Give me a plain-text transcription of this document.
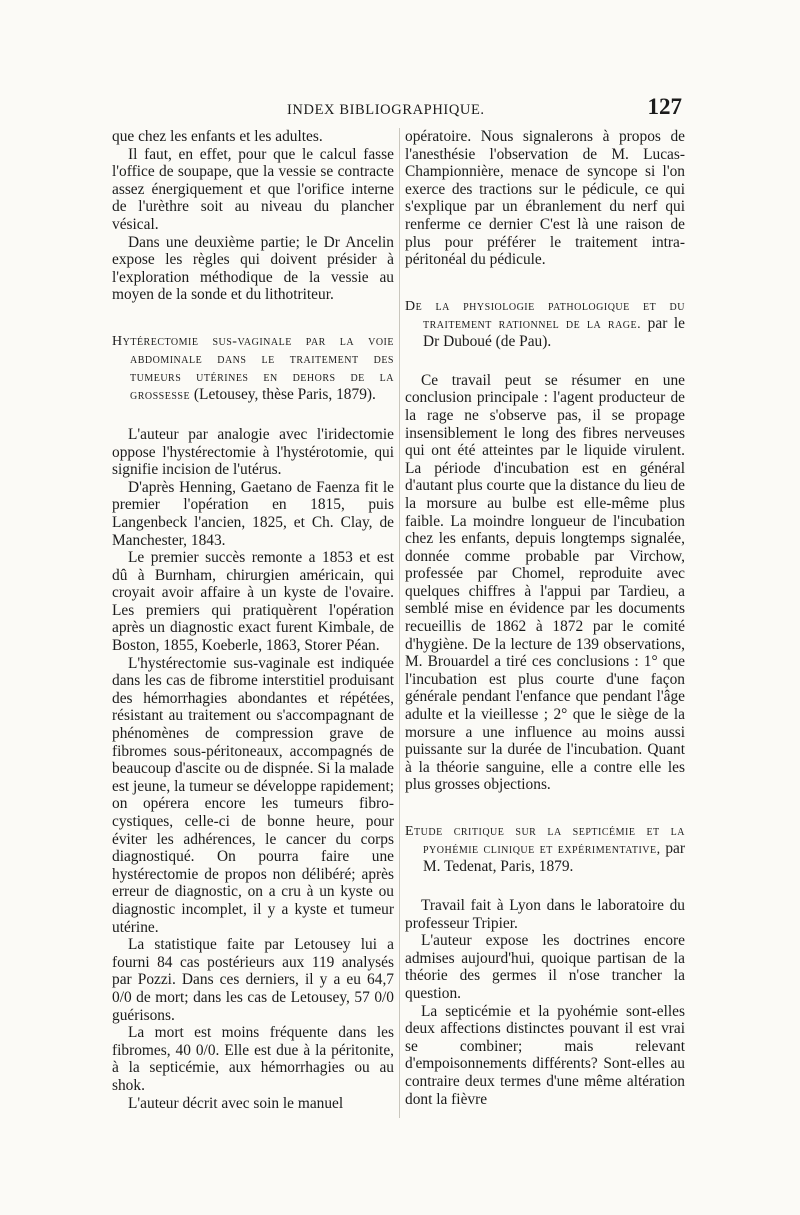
INDEX BIBLIOGRAPHIQUE.	127

que chez les enfants et les adultes.

Il faut, en effet, pour que le calcul fasse l'office de soupape, que la vessie se contracte assez énergiquement et que l'orifice interne de l'urèthre soit au niveau du plancher vésical.

Dans une deuxième partie; le Dr Ancelin expose les règles qui doivent présider à l'exploration méthodique de la vessie au moyen de la sonde et du lithotriteur.

Hytérectomie sus-vaginale par la voie abdominale dans le traitement des tumeurs utérines en dehors de la grossesse (Letousey, thèse Paris, 1879).

L'auteur par analogie avec l'iridectomie oppose l'hystérectomie à l'hystérotomie, qui signifie incision de l'utérus.

D'après Henning, Gaetano de Faenza fit le premier l'opération en 1815, puis Langenbeck l'ancien, 1825, et Ch. Clay, de Manchester, 1843.

Le premier succès remonte a 1853 et est dû à Burnham, chirurgien américain, qui croyait avoir affaire à un kyste de l'ovaire. Les premiers qui pratiquèrent l'opération après un diagnostic exact furent Kimbale, de Boston, 1855, Koeberle, 1863, Storer Péan.

L'hystérectomie sus-vaginale est indiquée dans les cas de fibrome interstitiel produisant des hémorrhagies abondantes et répétées, résistant au traitement ou s'accompagnant de phénomènes de compression grave de fibromes sous-péritoneaux, accompagnés de beaucoup d'ascite ou de dispnée. Si la malade est jeune, la tumeur se développe rapidement; on opérera encore les tumeurs fibro-cystiques, celle-ci de bonne heure, pour éviter les adhérences, le cancer du corps diagnostiqué. On pourra faire une hystérectomie de propos non délibéré; après erreur de diagnostic, on a cru à un kyste ou diagnostic incomplet, il y a kyste et tumeur utérine.

La statistique faite par Letousey lui a fourni 84 cas postérieurs aux 119 analysés par Pozzi. Dans ces derniers, il y a eu 64,7 0/0 de mort; dans les cas de Letousey, 57 0/0 guérisons.

La mort est moins fréquente dans les fibromes, 40 0/0. Elle est due à la péritonite, à la septicémie, aux hémorrhagies ou au shok.

L'auteur décrit avec soin le manuel

opératoire. Nous signalerons à propos de l'anesthésie l'observation de M. Lucas-Championnière, menace de syncope si l'on exerce des tractions sur le pédicule, ce qui s'explique par un ébranlement du nerf qui renferme ce dernier C'est là une raison de plus pour préférer le traitement intra-péritonéal du pédicule.

De la physiologie pathologique et du traitement rationnel de la rage. par le Dr Duboué (de Pau).

Ce travail peut se résumer en une conclusion principale : l'agent producteur de la rage ne s'observe pas, il se propage insensiblement le long des fibres nerveuses qui ont été atteintes par le liquide virulent. La période d'incubation est en général d'autant plus courte que la distance du lieu de la morsure au bulbe est elle-même plus faible. La moindre longueur de l'incubation chez les enfants, depuis longtemps signalée, donnée comme probable par Virchow, professée par Chomel, reproduite avec quelques chiffres à l'appui par Tardieu, a semblé mise en évidence par les documents recueillis de 1862 à 1872 par le comité d'hygiène. De la lecture de 139 observations, M. Brouardel a tiré ces conclusions : 1° que l'incubation est plus courte d'une façon générale pendant l'enfance que pendant l'âge adulte et la vieillesse ; 2° que le siège de la morsure a une influence au moins aussi puissante sur la durée de l'incubation. Quant à la théorie sanguine, elle a contre elle les plus grosses objections.

Etude critique sur la septicémie et la pyohémie clinique et expérimentative, par M. Tedenat, Paris, 1879.

Travail fait à Lyon dans le laboratoire du professeur Tripier.

L'auteur expose les doctrines encore admises aujourd'hui, quoique partisan de la théorie des germes il n'ose trancher la question.

La septicémie et la pyohémie sont-elles deux affections distinctes pouvant il est vrai se combiner; mais relevant d'empoisonnements différents? Sont-elles au contraire deux termes d'une même altération dont la fièvre
